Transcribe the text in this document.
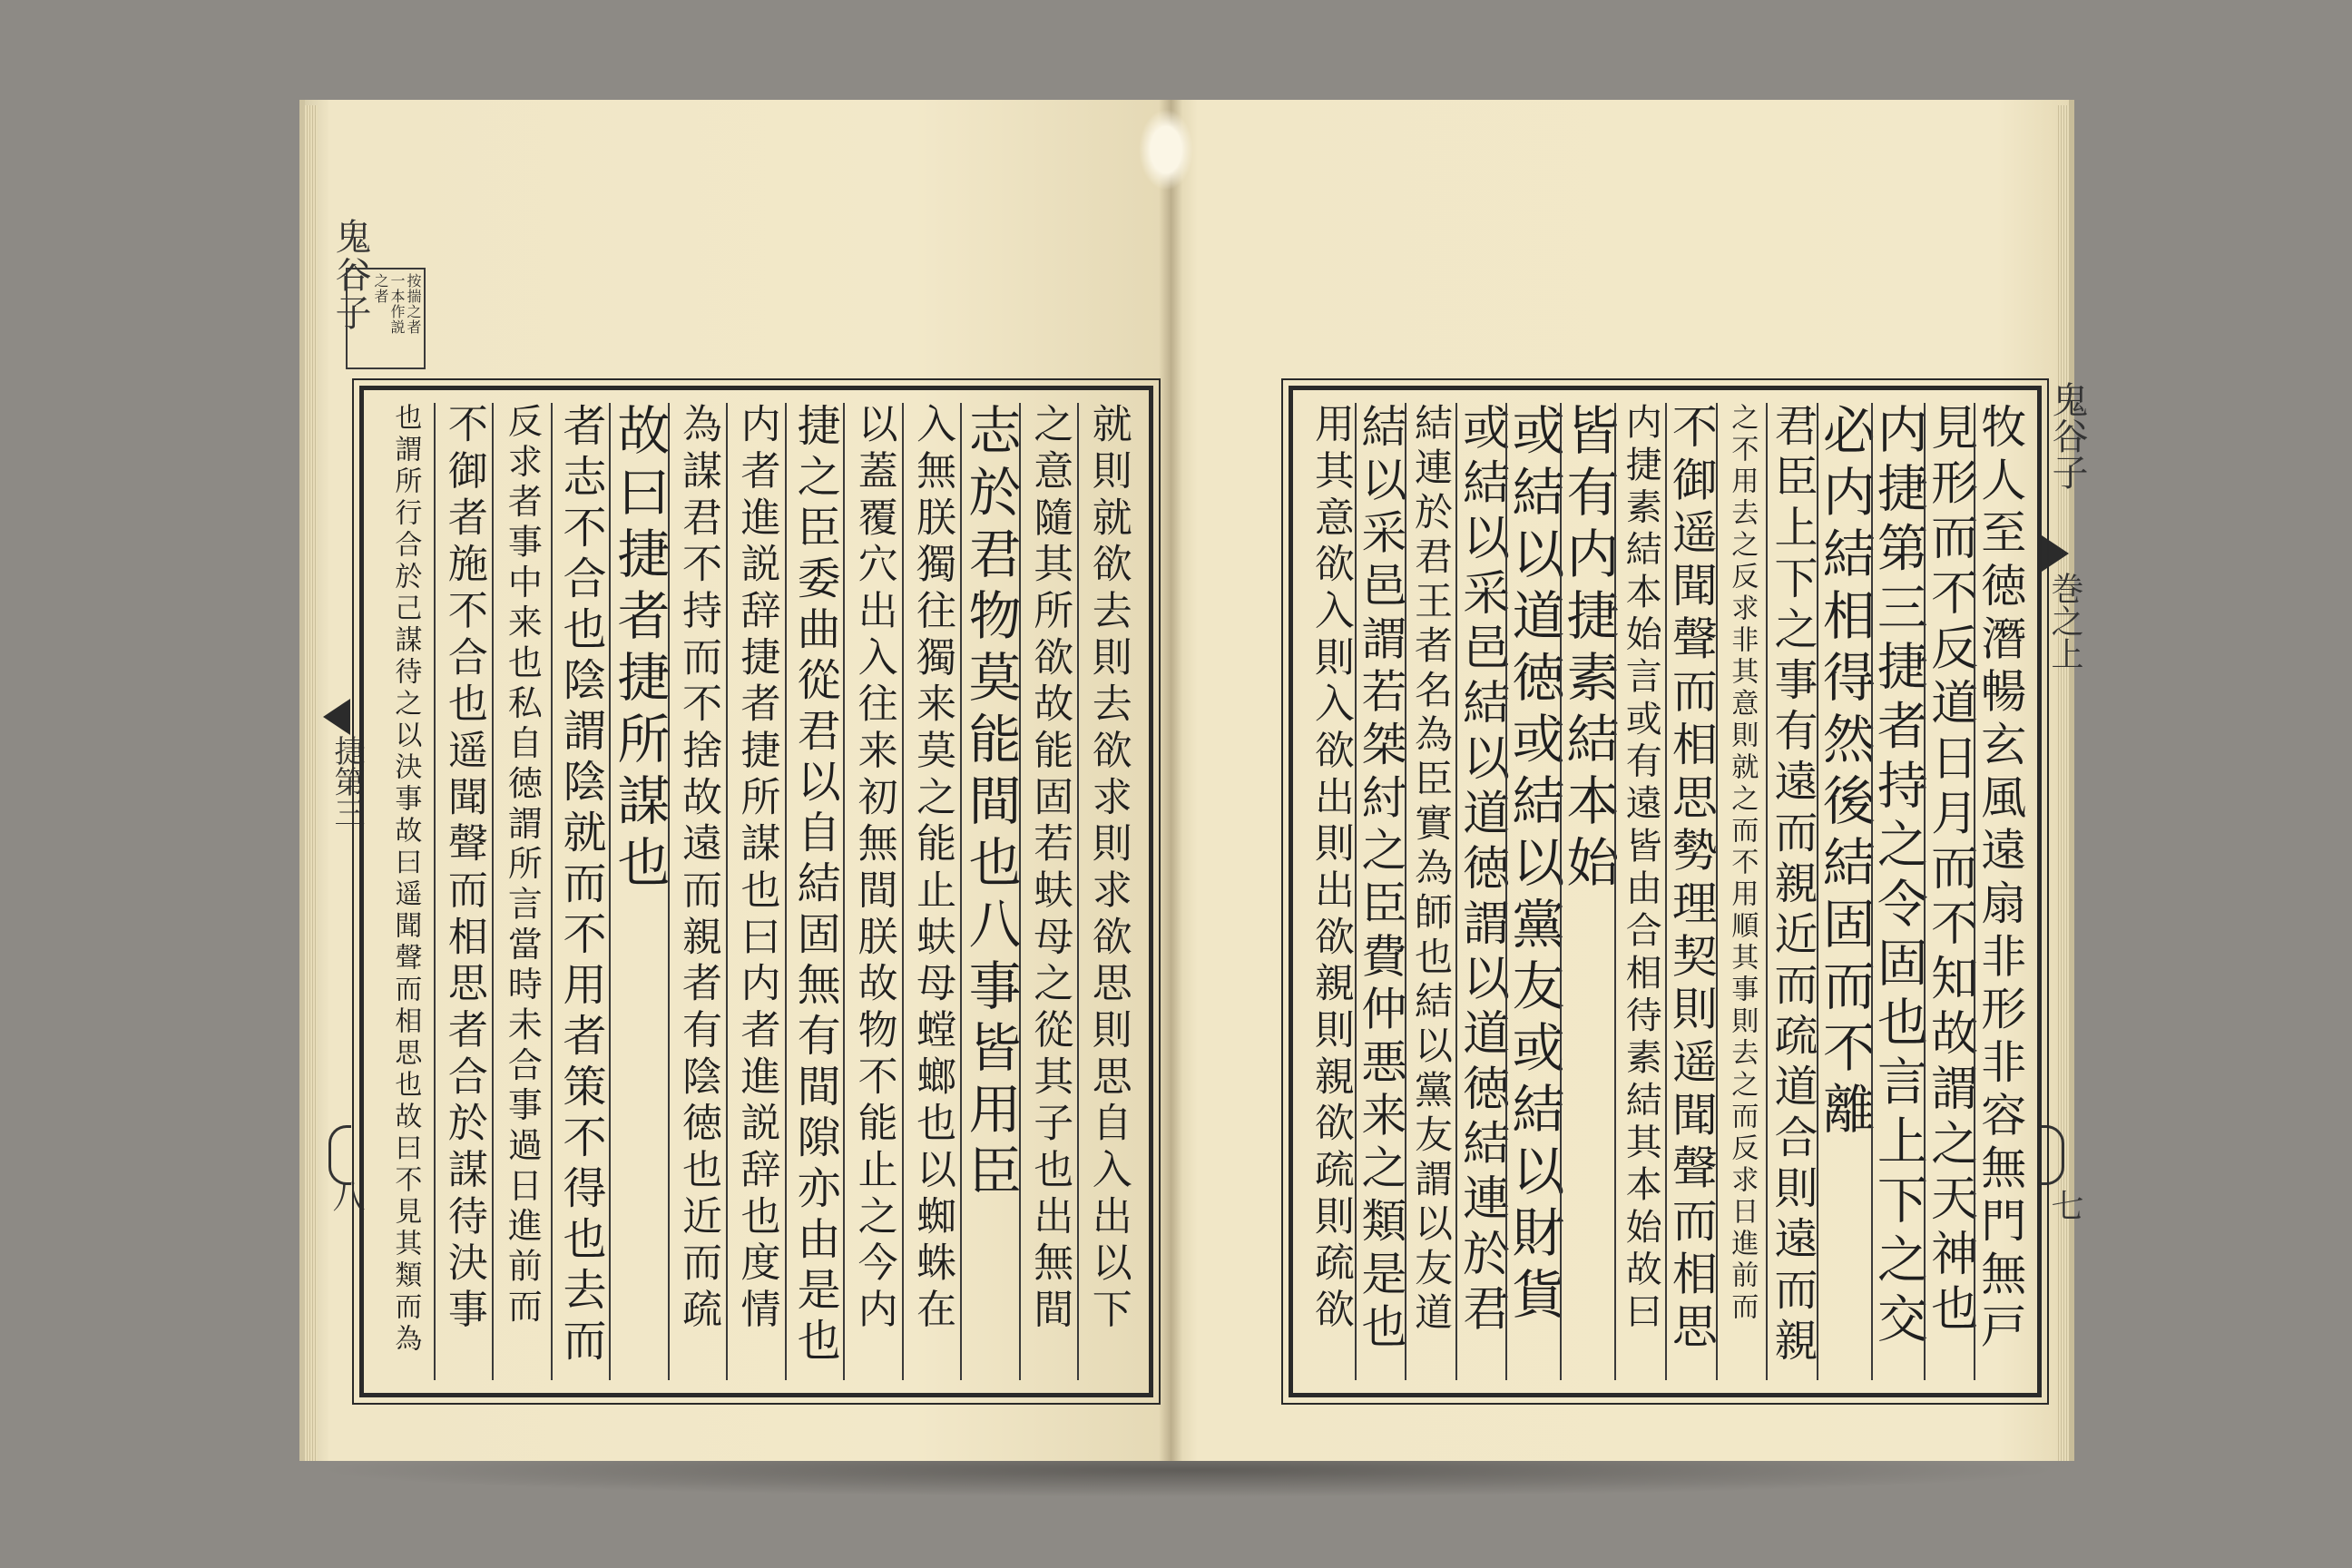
按揣之者
一本作説
之者
鬼谷子
捷第三
八	就則就欲去則去欲求則求欲思則思自入出以下
之意隨其所欲故能固若蚨母之從其子也出無間
志於君物莫能間也八事皆用臣
入無朕獨往獨来莫之能止蚨母螳螂也以蜘蛛在
以蓋覆穴出入往来初無間朕故物不能止之今内
捷之臣委曲從君以自結固無有間隙亦由是也
内者進説辞捷者捷所謀也曰内者進説辞也度情
為謀君不持而不捨故遠而親者有陰徳也近而疏
故曰捷者捷所謀也
者志不合也陰謂陰就而不用者策不得也去而
反求者事中来也私自徳謂所言當時未合事過日進前而
不御者施不合也遥聞聲而相思者合於謀待決事
也謂所行合於己謀待之以決事故曰遥聞聲而相思也故曰不見其類而為	鬼谷子
巻之上
七
牧人至徳潛暢玄風遠扇非形非容無門無戸
見形而不反道日月而不知故謂之天神也
内捷第三捷者持之令固也言上下之交
必内結相得然後結固而不離
君臣上下之事有遠而親近而疏道合則遠而親
之不用去之反求非其意則就之而不用順其事則去之而反求日進前而
不御遥聞聲而相思勢理契則遥聞聲而相思
内捷素結本始言或有遠皆由合相待素結其本始故曰
皆有内捷素結本始
或結以道徳或結以黨友或結以財貨
或結以采邑結以道徳謂以道徳結連於君
結連於君王者名為臣實為師也結以黨友謂以友道
結以采邑謂若桀紂之臣費仲悪来之類是也
用其意欲入則入欲出則出欲親則親欲疏則疏欲
